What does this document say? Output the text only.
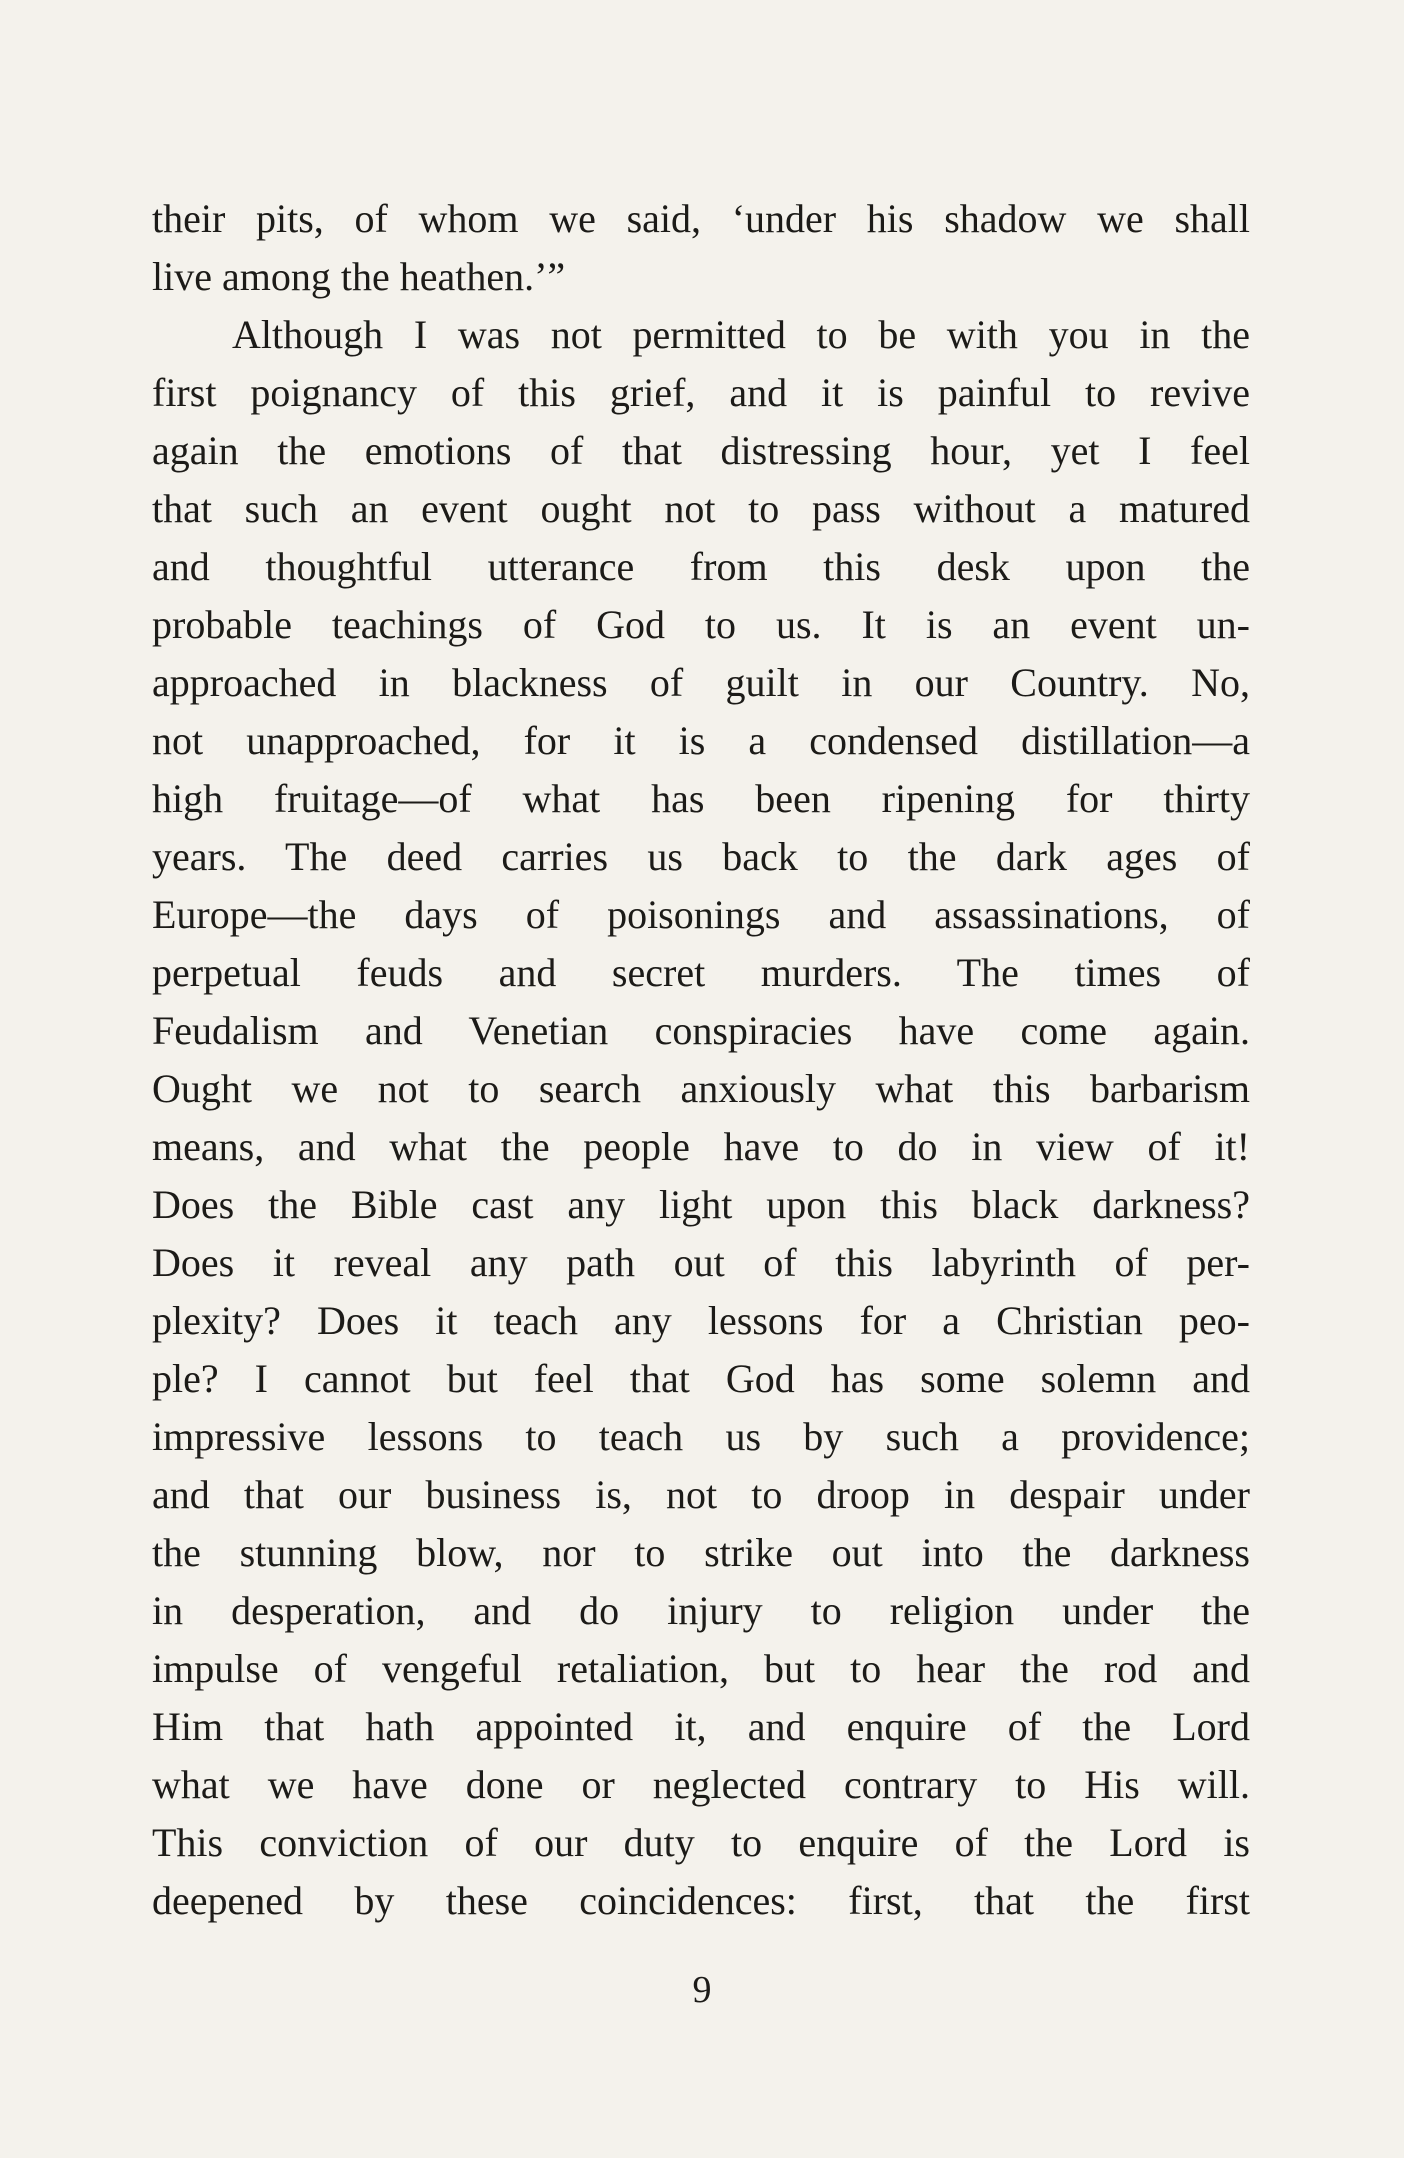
their pits, of whom we said, ‘under his shadow we shall
live among the heathen.’”
Although I was not permitted to be with you in the
first poignancy of this grief, and it is painful to revive
again the emotions of that distressing hour, yet I feel
that such an event ought not to pass without a matured
and thoughtful utterance from this desk upon the
probable teachings of God to us. It is an event un-
approached in blackness of guilt in our Country. No,
not unapproached, for it is a condensed distillation—a
high fruitage—of what has been ripening for thirty
years. The deed carries us back to the dark ages of
Europe—the days of poisonings and assassinations, of
perpetual feuds and secret murders. The times of
Feudalism and Venetian conspiracies have come again.
Ought we not to search anxiously what this barbarism
means, and what the people have to do in view of it!
Does the Bible cast any light upon this black darkness?
Does it reveal any path out of this labyrinth of per-
plexity? Does it teach any lessons for a Christian peo-
ple? I cannot but feel that God has some solemn and
impressive lessons to teach us by such a providence;
and that our business is, not to droop in despair under
the stunning blow, nor to strike out into the darkness
in desperation, and do injury to religion under the
impulse of vengeful retaliation, but to hear the rod and
Him that hath appointed it, and enquire of the Lord
what we have done or neglected contrary to His will.
This conviction of our duty to enquire of the Lord is
deepened by these coincidences: first, that the first
9
